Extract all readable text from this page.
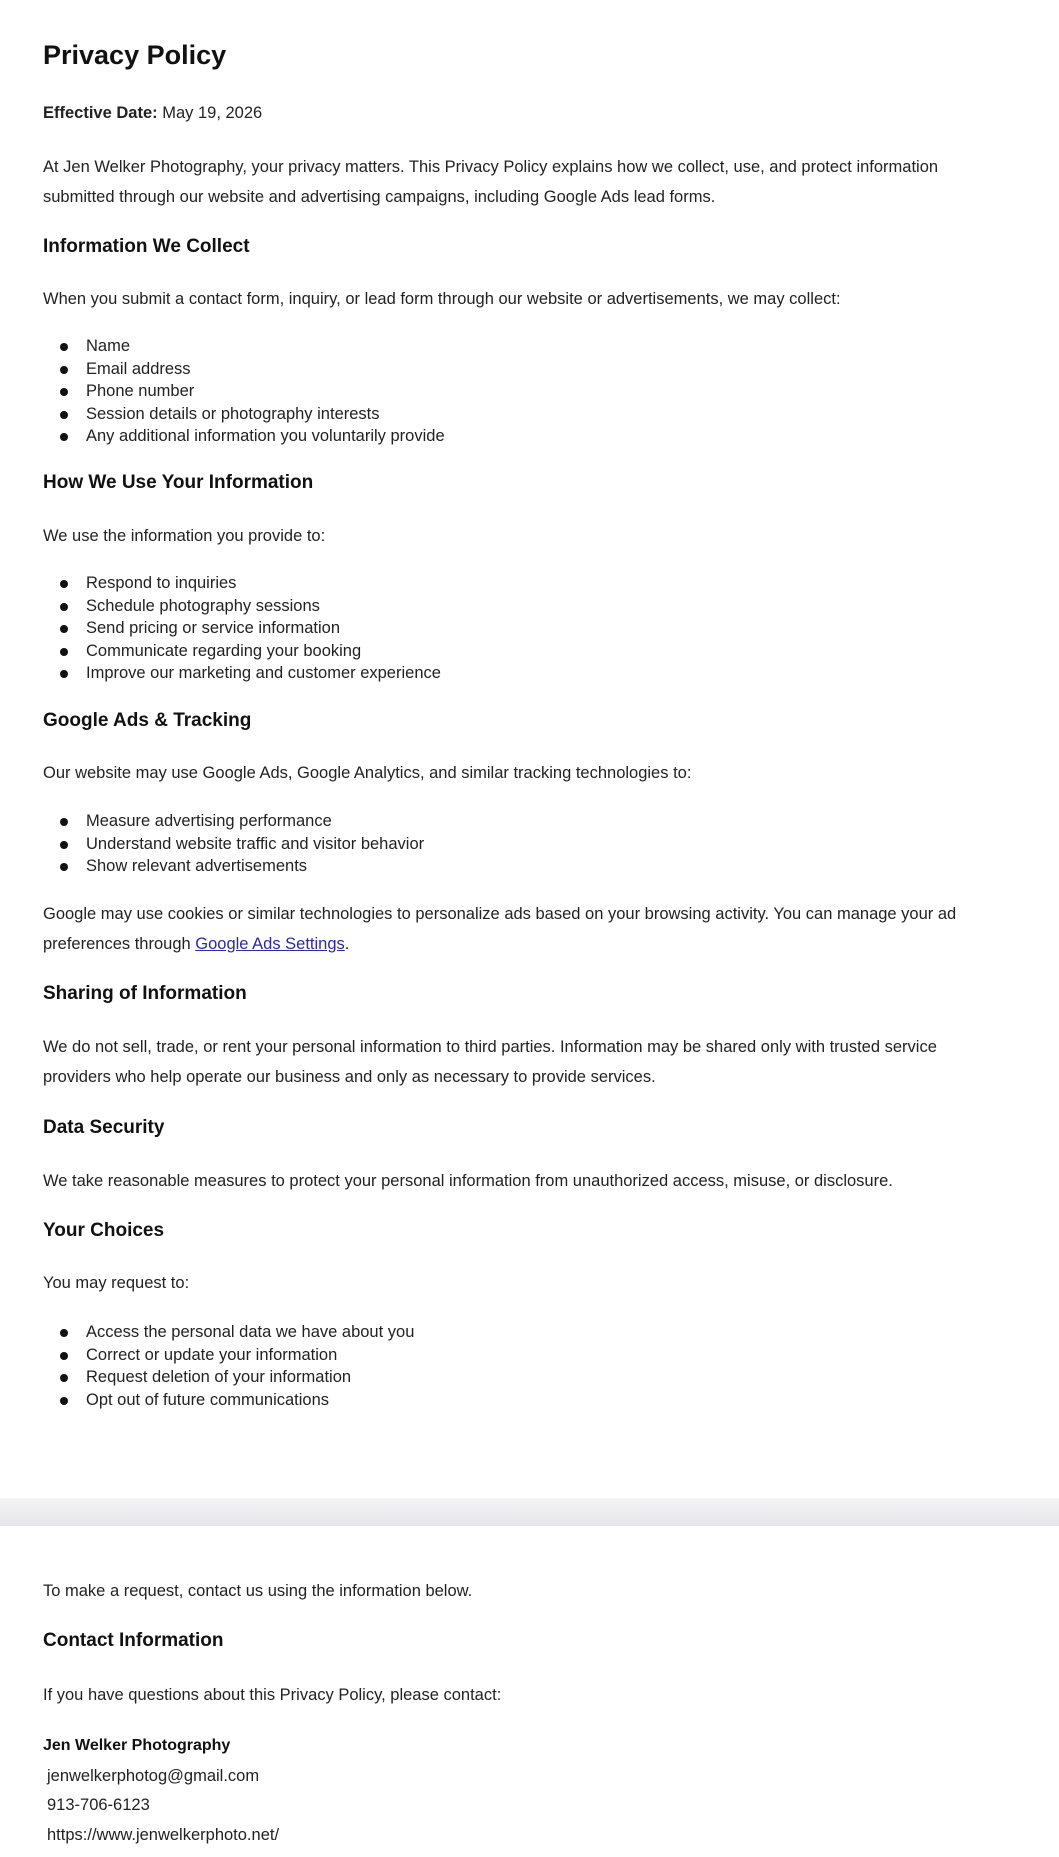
Privacy Policy
Effective Date: May 19, 2026
At Jen Welker Photography, your privacy matters. This Privacy Policy explains how we collect, use, and protect information
submitted through our website and advertising campaigns, including Google Ads lead forms.
Information We Collect
When you submit a contact form, inquiry, or lead form through our website or advertisements, we may collect:
Name
Email address
Phone number
Session details or photography interests
Any additional information you voluntarily provide
How We Use Your Information
We use the information you provide to:
Respond to inquiries
Schedule photography sessions
Send pricing or service information
Communicate regarding your booking
Improve our marketing and customer experience
Google Ads & Tracking
Our website may use Google Ads, Google Analytics, and similar tracking technologies to:
Measure advertising performance
Understand website traffic and visitor behavior
Show relevant advertisements
Google may use cookies or similar technologies to personalize ads based on your browsing activity. You can manage your ad
preferences through Google Ads Settings.
Sharing of Information
We do not sell, trade, or rent your personal information to third parties. Information may be shared only with trusted service
providers who help operate our business and only as necessary to provide services.
Data Security
We take reasonable measures to protect your personal information from unauthorized access, misuse, or disclosure.
Your Choices
You may request to:
Access the personal data we have about you
Correct or update your information
Request deletion of your information
Opt out of future communications
To make a request, contact us using the information below.
Contact Information
If you have questions about this Privacy Policy, please contact:
Jen Welker Photography
jenwelkerphotog@gmail.com
913-706-6123
https://www.jenwelkerphoto.net/
